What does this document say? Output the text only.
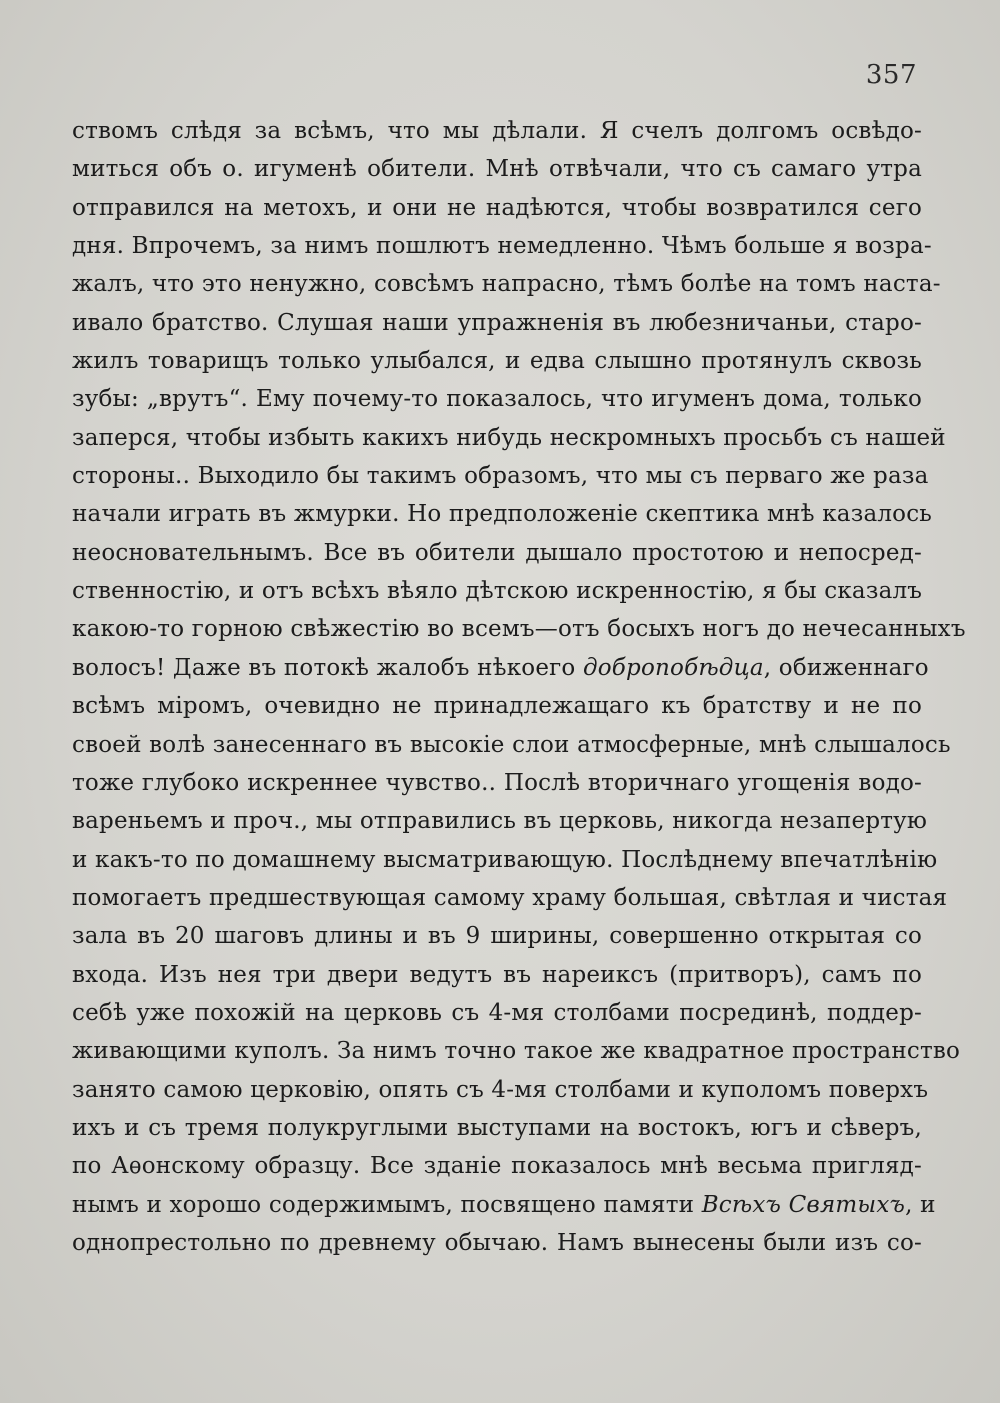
357
ствомъ слѣдя за всѣмъ, что мы дѣлали. Я счелъ долгомъ освѣдо-
миться объ о. игуменѣ обители. Мнѣ отвѣчали, что съ самаго утра
отправился на метохъ, и они не надѣются, чтобы возвратился сего
дня. Впрочемъ, за нимъ пошлютъ немедленно. Чѣмъ больше я возра-
жалъ, что это ненужно, совсѣмъ напрасно, тѣмъ болѣе на томъ наста-
ивало братство. Слушая наши упражненія въ любезничаньи, старо-
жилъ товарищъ только улыбался, и едва слышно протянулъ сквозь
зубы: „врутъ“. Ему почему-то показалось, что игуменъ дома, только
заперся, чтобы избыть какихъ нибудь нескромныхъ просьбъ съ нашей
стороны.. Выходило бы такимъ образомъ, что мы съ перваго же раза
начали играть въ жмурки. Но предположеніе скептика мнѣ казалось
неосновательнымъ. Все въ обители дышало простотою и непосред-
ственностію, и отъ всѣхъ вѣяло дѣтскою искренностію, я бы сказалъ
какою-то горною свѣжестію во всемъ—отъ босыхъ ногъ до нечесанныхъ
волосъ! Даже въ потокѣ жалобъ нѣкоего добропобѣдца, обиженнаго
всѣмъ міромъ, очевидно не принадлежащаго къ братству и не по
своей волѣ занесеннаго въ высокіе слои атмосферные, мнѣ слышалось
тоже глубоко искреннее чувство.. Послѣ вторичнаго угощенія водо-
вареньемъ и проч., мы отправились въ церковь, никогда незапертую
и какъ-то по домашнему высматривающую. Послѣднему впечатлѣнію
помогаетъ предшествующая самому храму большая, свѣтлая и чистая
зала въ 20 шаговъ длины и въ 9 ширины, совершенно открытая со
входа. Изъ нея три двери ведутъ въ нареиксъ (притворъ), самъ по
себѣ уже похожій на церковь съ 4-мя столбами посрединѣ, поддер-
живающими куполъ. За нимъ точно такое же квадратное пространство
занято самою церковію, опять съ 4-мя столбами и куполомъ поверхъ
ихъ и съ тремя полукруглыми выступами на востокъ, югъ и сѣверъ,
по Аѳонскому образцу. Все зданіе показалось мнѣ весьма пригляд-
нымъ и хорошо содержимымъ, посвящено памяти Всѣхъ Святыхъ, и
однопрестольно по древнему обычаю. Намъ вынесены были изъ со-
